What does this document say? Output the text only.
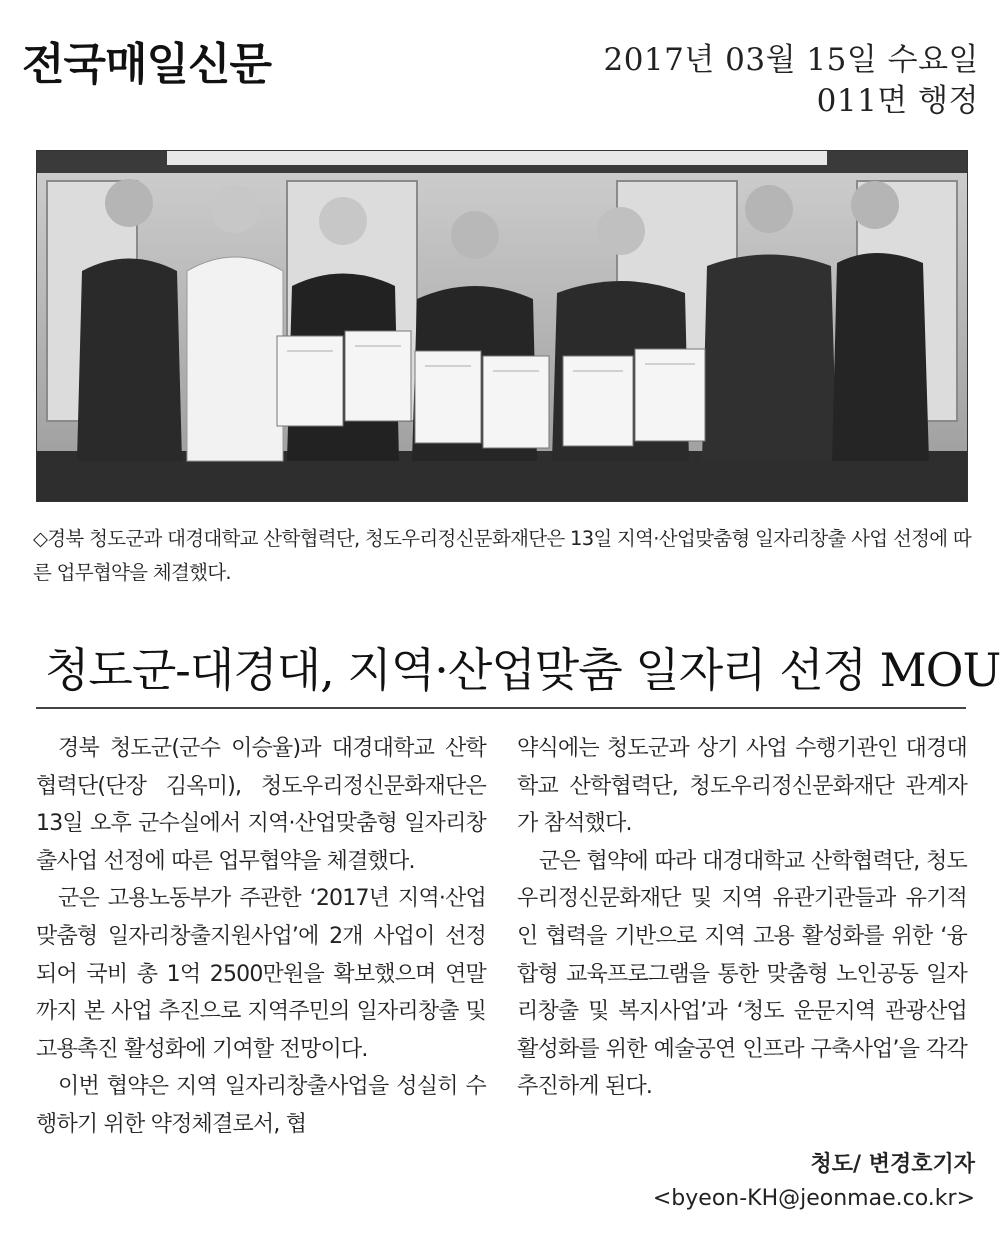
전국매일신문	2017년 03월 15일 수요일
011면 행정
◇경북 청도군과 대경대학교 산학협력단, 청도우리정신문화재단은 13일 지역·산업맞춤형 일자리창출 사업 선정에 따른 업무협약을 체결했다.
청도군-대경대, 지역·산업맞춤 일자리 선정 MOU

경북 청도군(군수 이승율)과 대경대학교 산학협력단(단장 김옥미), 청도우리정신문화재단은 13일 오후 군수실에서 지역·산업맞춤형 일자리창출사업 선정에 따른 업무협약을 체결했다.

군은 고용노동부가 주관한 ‘2017년 지역·산업맞춤형 일자리창출지원사업’에 2개 사업이 선정되어 국비 총 1억 2500만원을 확보했으며 연말까지 본 사업 추진으로 지역주민의 일자리창출 및 고용촉진 활성화에 기여할 전망이다.

이번 협약은 지역 일자리창출사업을 성실히 수행하기 위한 약정체결로서, 협

약식에는 청도군과 상기 사업 수행기관인 대경대학교 산학협력단, 청도우리정신문화재단 관계자가 참석했다.

군은 협약에 따라 대경대학교 산학협력단, 청도우리정신문화재단 및 지역 유관기관들과 유기적인 협력을 기반으로 지역 고용 활성화를 위한 ‘융합형 교육프로그램을 통한 맞춤형 노인공동 일자리창출 및 복지사업’과 ‘청도 운문지역 관광산업 활성화를 위한 예술공연 인프라 구축사업’을 각각 추진하게 된다.

청도/ 변경호기자
<byeon-KH@jeonmae.co.kr>
